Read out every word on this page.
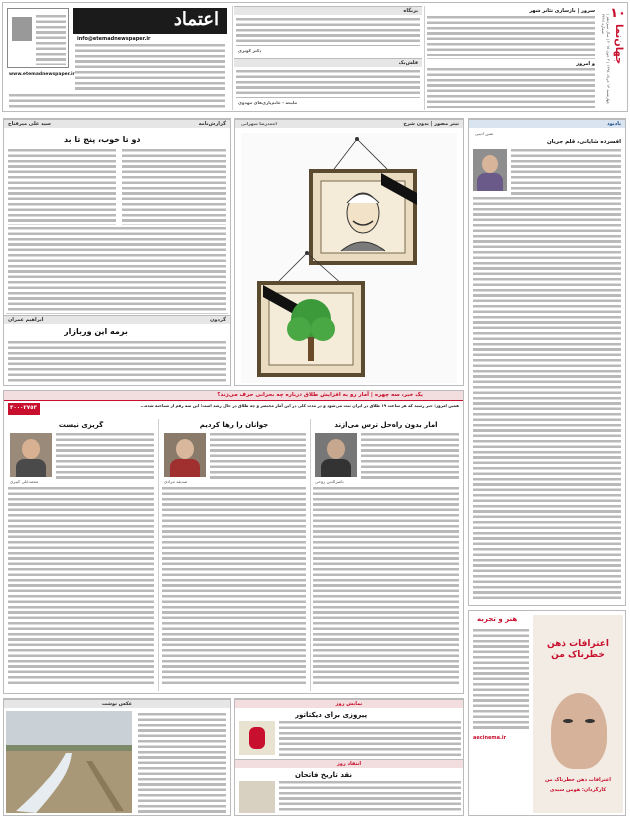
١٠
جهان‌نما
چهارشنبه ١٣ خرداد ١٣٩٤ | ٣ جون ٢٠١٥ | سال سیزدهم | شماره ٣٢٢٤
سرور | بازسازی تئاتر شهر
و امروز
بزنگاه
دکتر کوثری
فلش‌بک
ملیحه - خانم‌پاری‌های مهدوی
اعتماد
info@etemadnewspaper.ir
www.etemadnewspaper.ir
یادبود
ثمین ادیبی
افسرده شایانی، قلم جریان
تیتر مصور | بدون شرح
احمدرضا سهرابی
گزارش‌نامه
سید علی میرفتاح
دو تا خوب، پنج تا بد
گردون
ابراهیم عمران
برمه این وربازار
یک خبر، سه چهره | آمار رو به افزایش طلاق درباره چه بحرانی حرف می‌زند؟
همین امروز: خبر رسید که هر ساعت ١٩ طلاق در ایران ثبت می‌شود و در مدت کلی در این آمار مختصر و چه طلاق در حال رشد است؛ این سه رقم از شناخته شده...
٣٠٠٠٢٧٥٣
آمار بدون راه‌حل ترس می‌آزند
ناصرالدین روحی
جوانان را رها کردیم
صدیقه مرادی
گریزی نیست
محمدعلی کبیری
عکس نوشت	نمایش روز
پیروزی برای دیکتاتور
انتقاد روز
نقد تاریخ فاتحان
هنر و تجربه
aecinema.ir
اعترافات ذهن خطرناک من
اعترافات ذهن خطرناک من
کارگردان: هومن سیدی
